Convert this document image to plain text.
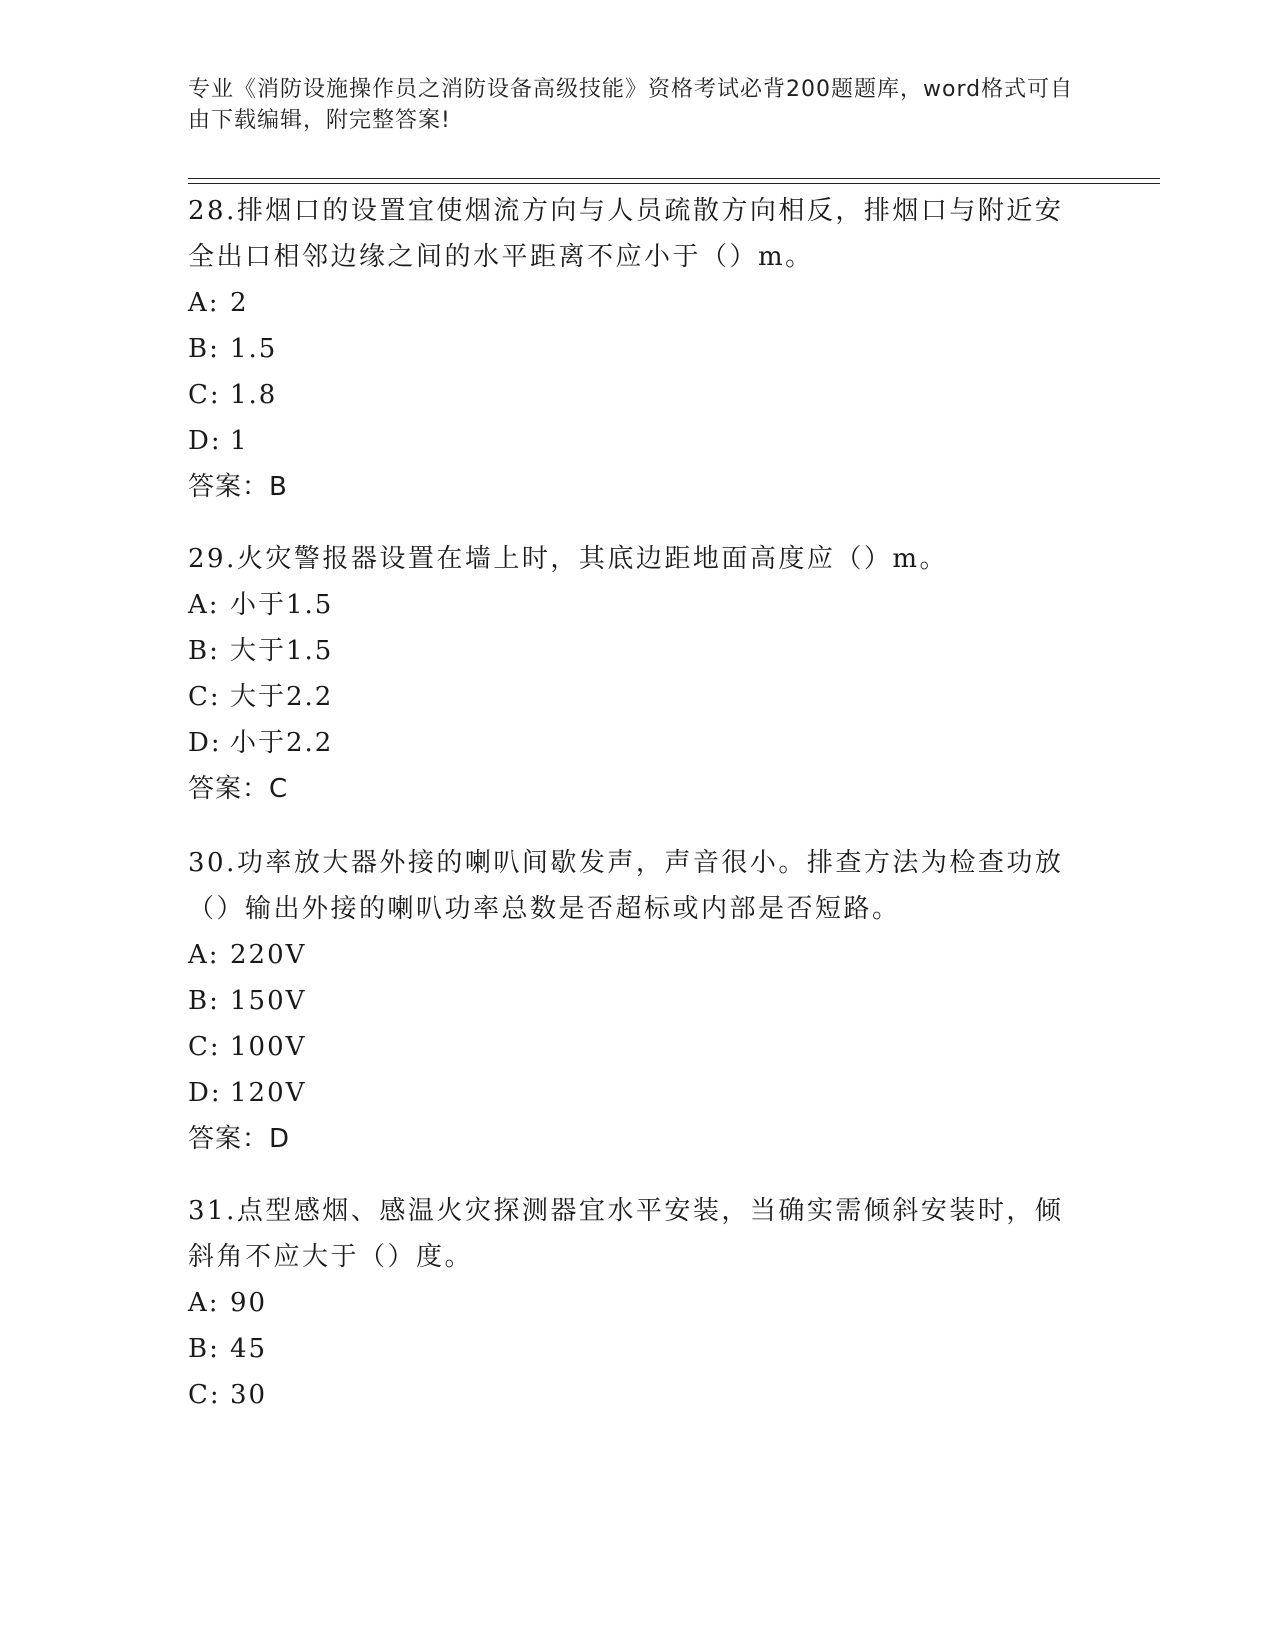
专业《消防设施操作员之消防设备高级技能》资格考试必背200题题库，word格式可自由下载编辑，附完整答案!

28.排烟口的设置宜使烟流方向与人员疏散方向相反，排烟口与附近安全出口相邻边缘之间的水平距离不应小于（）m。

A: 2

B: 1.5

C: 1.8

D: 1

答案：B

29.火灾警报器设置在墙上时，其底边距地面高度应（）m。

A: 小于1.5

B: 大于1.5

C: 大于2.2

D: 小于2.2

答案：C

30.功率放大器外接的喇叭间歇发声，声音很小。排查方法为检查功放（）输出外接的喇叭功率总数是否超标或内部是否短路。

A: 220V

B: 150V

C: 100V

D: 120V

答案：D

31.点型感烟、感温火灾探测器宜水平安装，当确实需倾斜安装时，倾斜角不应大于（）度。

A: 90

B: 45

C: 30
